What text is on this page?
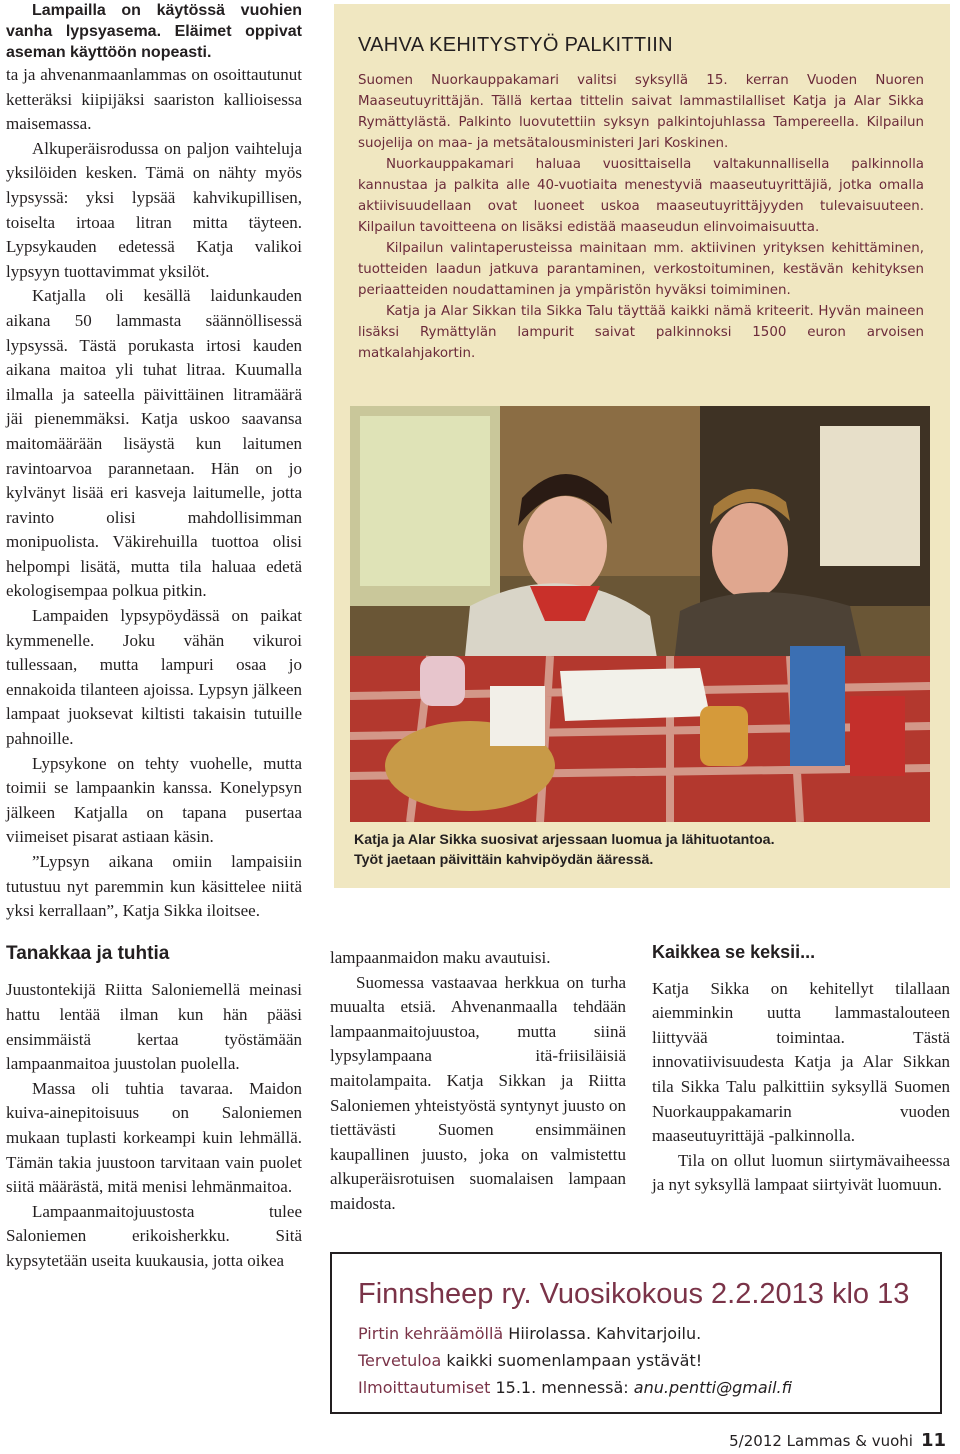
Lampailla on käytössä vuohien vanha lypsyasema. Eläimet oppivat aseman käyttöön nopeasti.

ta ja ahvenanmaanlammas on osoittautunut ketteräksi kiipijäksi saariston kallioisessa maisemassa.

Alkuperäisrodussa on paljon vaihteluja yksilöiden kesken. Tämä on nähty myös lypsyssä: yksi lypsää kahvikupillisen, toiselta irtoaa litran mitta täyteen. Lypsykauden edetessä Katja valikoi lypsyyn tuottavimmat yksilöt.

Katjalla oli kesällä laidunkauden aikana 50 lammasta säännöllisessä lypsyssä. Tästä porukasta irtosi kauden aikana maitoa yli tuhat litraa. Kuumalla ilmalla ja sateella päivittäinen litramäärä jäi pienemmäksi. Katja uskoo saavansa maitomäärään lisäystä kun laitumen ravintoarvoa parannetaan. Hän on jo kylvänyt lisää eri kasveja laitumelle, jotta ravinto olisi mahdollisimman monipuolista. Väkirehuilla tuottoa olisi helpompi lisätä, mutta tila haluaa edetä ekologisempaa polkua pitkin.

Lampaiden lypsypöydässä on paikat kymmenelle. Joku vähän vikuroi tullessaan, mutta lampuri osaa jo ennakoida tilanteen ajoissa. Lypsyn jälkeen lampaat juoksevat kiltisti takaisin tutuille pahnoille.

Lypsykone on tehty vuohelle, mutta toimii se lampaankin kanssa. Konelypsyn jälkeen Katjalla on tapana pusertaa viimeiset pisarat astiaan käsin.

”Lypsyn aikana omiin lampaisiin tutustuu nyt paremmin kun käsittelee niitä yksi kerrallaan”, Katja Sikka iloitsee.

Tanakkaa ja tuhtia

Juustontekijä Riitta Saloniemellä meinasi hattu lentää ilman kun hän pääsi ensimmäistä kertaa työstämään lampaanmaitoa juustolan puolella.

Massa oli tuhtia tavaraa. Maidon kuiva-ainepitoisuus on Saloniemen mukaan tuplasti korkeampi kuin lehmällä. Tämän takia juustoon tarvitaan vain puolet siitä määrästä, mitä menisi lehmänmaitoa.

Lampaanmaitojuustosta tulee Saloniemen erikoisherkku. Sitä kypsytetään useita kuukausia, jotta oikea

VAHVA KEHITYSTYÖ PALKITTIIN

Suomen Nuorkauppakamari valitsi syksyllä 15. kerran Vuoden Nuoren Maaseutuyrittäjän. Tällä kertaa tittelin saivat lammastilalliset Katja ja Alar Sikka Rymättylästä. Palkinto luovutettiin syksyn palkintojuhlassa Tampereella. Kilpailun suojelija on maa- ja metsätalousministeri Jari Koskinen.

Nuorkauppakamari haluaa vuosittaisella valtakunnallisella palkinnolla kannustaa ja palkita alle 40-vuotiaita menestyviä maaseutuyrittäjiä, jotka omalla aktiivisuudellaan ovat luoneet uskoa maaseutuyrittäjyyden tulevaisuuteen. Kilpailun tavoitteena on lisäksi edistää maaseudun elinvoimaisuutta.

Kilpailun valintaperusteissa mainitaan mm. aktiivinen yrityksen kehittäminen, tuotteiden laadun jatkuva parantaminen, verkostoituminen, kestävän kehityksen periaatteiden noudattaminen ja ympäristön hyväksi toimiminen.

Katja ja Alar Sikkan tila Sikka Talu täyttää kaikki nämä kriteerit. Hyvän maineen lisäksi Rymättylän lampurit saivat palkinnoksi 1500 euron arvoisen matkalahjakortin.

Katja ja Alar Sikka suosivat arjessaan luomua ja lähituotantoa.
Työt jaetaan päivittäin kahvipöydän ääressä.

lampaanmaidon maku avautuisi.

Suomessa vastaavaa herkkua on turha muualta etsiä. Ahvenanmaalla tehdään lampaanmaitojuustoa, mutta siinä lypsylampaana itä-friisiläisiä maitolampaita. Katja Sikkan ja Riitta Saloniemen yhteistyöstä syntynyt juusto on tiettävästi Suomen ensimmäinen kaupallinen juusto, joka on valmistettu alkuperäisrotuisen suomalaisen lampaan maidosta.

Kaikkea se keksii...

Katja Sikka on kehitellyt tilallaan aiemminkin uutta lammastalouteen liittyvää toimintaa. Tästä innovatiivisuudesta Katja ja Alar Sikkan tila Sikka Talu palkittiin syksyllä Suomen Nuorkauppakamarin vuoden maaseutuyrittäjä -palkinnolla.

Tila on ollut luomun siirtymävaiheessa ja nyt syksyllä lampaat siirtyivät luomuun.

Finnsheep ry. Vuosikokous 2.2.2013 klo 13
Pirtin kehräämöllä Hiirolassa. Kahvitarjoilu.
Tervetuloa kaikki suomenlampaan ystävät!
Ilmoittautumiset 15.1. mennessä: anu.pentti@gmail.fi
5/2012 Lammas & vuohi 11
